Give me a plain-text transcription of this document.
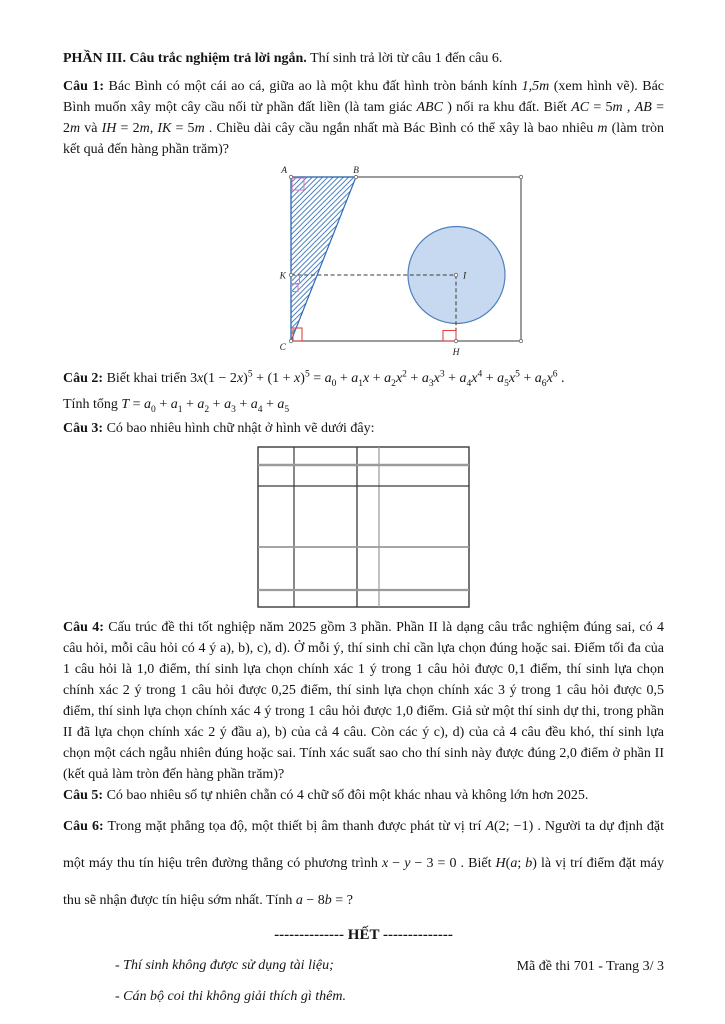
PHẦN III. Câu trắc nghiệm trả lời ngắn. Thí sinh trả lời từ câu 1 đến câu 6.

Câu 1: Bác Bình có một cái ao cá, giữa ao là một khu đất hình tròn bánh kính 1,5m (xem hình vẽ). Bác Bình muốn xây một cây cầu nối từ phần đất liền (là tam giác ABC ) nối ra khu đất. Biết AC = 5m , AB = 2m và IH = 2m, IK = 5m . Chiều dài cây cầu ngắn nhất mà Bác Bình có thể xây là bao nhiêu m (làm tròn kết quả đến hàng phần trăm)?

A	B
C
K	I
H

Câu 2: Biết khai triển $3x(1 - 2x)^5 + (1 + x)^5 = a_0 + a_1x + a_2x^2 + a_3x^3 + a_4x^4 + a_5x^5 + a_6x^6$ .

Tính tổng $T = a_0 + a_1 + a_2 + a_3 + a_4 + a_5$

Câu 3: Có bao nhiêu hình chữ nhật ở hình vẽ dưới đây:

Câu 4: Cấu trúc đề thi tốt nghiệp năm 2025 gồm 3 phần. Phần II là dạng câu trắc nghiệm đúng sai, có 4 câu hỏi, mỗi câu hỏi có 4 ý a), b), c), d). Ở mỗi ý, thí sinh chỉ cần lựa chọn đúng hoặc sai. Điểm tối đa của 1 câu hỏi là 1,0 điểm, thí sinh lựa chọn chính xác 1 ý trong 1 câu hỏi được 0,1 điểm, thí sinh lựa chọn chính xác 2 ý trong 1 câu hỏi được 0,25 điểm, thí sinh lựa chọn chính xác 3 ý trong 1 câu hỏi được 0,5 điểm, thí sinh lựa chọn chính xác 4 ý trong 1 câu hỏi được 1,0 điểm. Giả sử một thí sinh dự thi, trong phần II đã lựa chọn chính xác 2 ý đầu a), b) của cả 4 câu. Còn các ý c), d) của cả 4 câu đều khó, thí sinh lựa chọn một cách ngẫu nhiên đúng hoặc sai. Tính xác suất sao cho thí sinh này được đúng 2,0 điểm ở phần II (kết quả làm tròn đến hàng phần trăm)?

Câu 5: Có bao nhiêu số tự nhiên chẵn có 4 chữ số đôi một khác nhau và không lớn hơn 2025.

Câu 6: Trong mặt phẳng tọa độ, một thiết bị âm thanh được phát từ vị trí A(2; −1) . Người ta dự định đặt một máy thu tín hiệu trên đường thẳng có phương trình x − y − 3 = 0 . Biết H(a; b) là vị trí điểm đặt máy thu sẽ nhận được tín hiệu sớm nhất. Tính a − 8b = ?

-------------- HẾT --------------

- Thí sinh không được sử dụng tài liệu;
- Cán bộ coi thi không giải thích gì thêm.
Mã đề thi 701 - Trang 3/ 3
